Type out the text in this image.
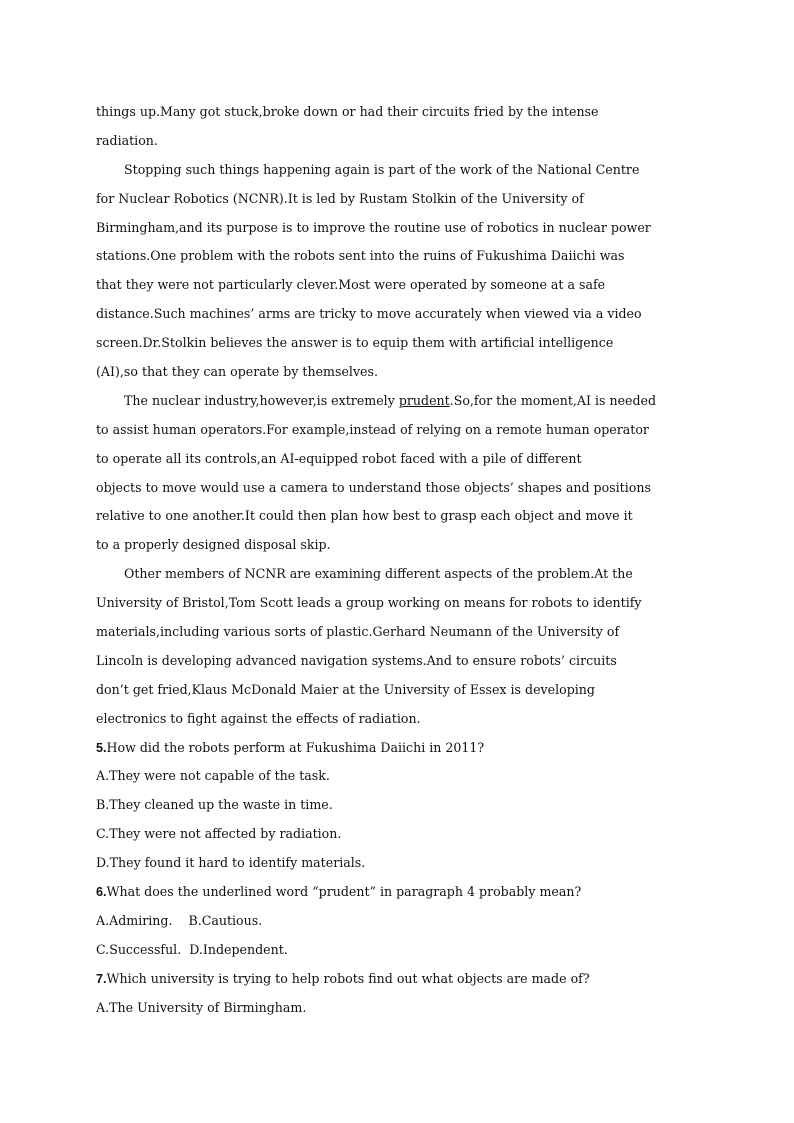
things up.Many got stuck,broke down or had their circuits fried by the intense
radiation.
Stopping such things happening again is part of the work of the National Centre
for Nuclear Robotics (NCNR).It is led by Rustam Stolkin of the University of
Birmingham,and its purpose is to improve the routine use of robotics in nuclear power
stations.One problem with the robots sent into the ruins of Fukushima Daiichi was
that they were not particularly clever.Most were operated by someone at a safe
distance.Such machines’ arms are tricky to move accurately when viewed via a video
screen.Dr.Stolkin believes the answer is to equip them with artificial intelligence
(AI),so that they can operate by themselves.
The nuclear industry,however,is extremely prudent.So,for the moment,AI is needed
to assist human operators.For example,instead of relying on a remote human operator
to operate all its controls,an AI-equipped robot faced with a pile of different
objects to move would use a camera to understand those objects’ shapes and positions
relative to one another.It could then plan how best to grasp each object and move it
to a properly designed disposal skip.
Other members of NCNR are examining different aspects of the problem.At the
University of Bristol,Tom Scott leads a group working on means for robots to identify
materials,including various sorts of plastic.Gerhard Neumann of the University of
Lincoln is developing advanced navigation systems.And to ensure robots’ circuits
don’t get fried,Klaus McDonald Maier at the University of Essex is developing
electronics to fight against the effects of radiation.
5.How did the robots perform at Fukushima Daiichi in 2011?
A.They were not capable of the task.
B.They cleaned up the waste in time.
C.They were not affected by radiation.
D.They found it hard to identify materials.
6.What does the underlined word “prudent” in paragraph 4 probably mean?
A.Admiring.    B.Cautious.
C.Successful.  D.Independent.
7.Which university is trying to help robots find out what objects are made of?
A.The University of Birmingham.
